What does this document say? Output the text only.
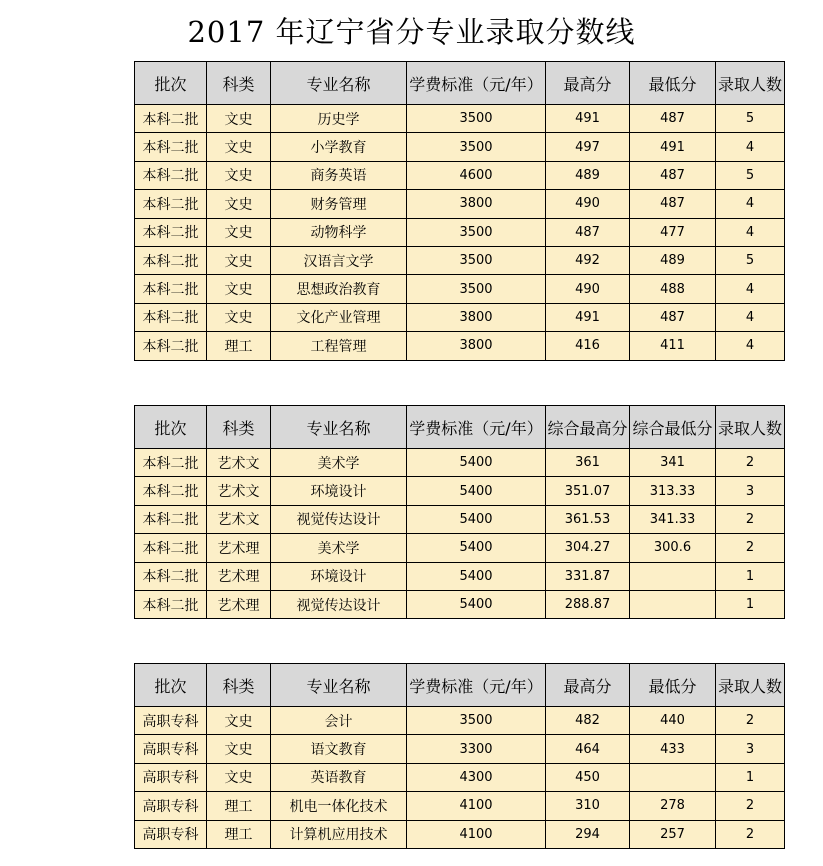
2017 年辽宁省分专业录取分数线
批次	科类	专业名称	学费标准（元/年）	最高分	最低分	录取人数
本科二批	文史	历史学	3500	491	487	5
本科二批	文史	小学教育	3500	497	491	4
本科二批	文史	商务英语	4600	489	487	5
本科二批	文史	财务管理	3800	490	487	4
本科二批	文史	动物科学	3500	487	477	4
本科二批	文史	汉语言文学	3500	492	489	5
本科二批	文史	思想政治教育	3500	490	488	4
本科二批	文史	文化产业管理	3800	491	487	4
本科二批	理工	工程管理	3800	416	411	4
批次	科类	专业名称	学费标准（元/年）	综合最高分	综合最低分	录取人数
本科二批	艺术文	美术学	5400	361	341	2
本科二批	艺术文	环境设计	5400	351.07	313.33	3
本科二批	艺术文	视觉传达设计	5400	361.53	341.33	2
本科二批	艺术理	美术学	5400	304.27	300.6	2
本科二批	艺术理	环境设计	5400	331.87		1
本科二批	艺术理	视觉传达设计	5400	288.87		1
批次	科类	专业名称	学费标准（元/年）	最高分	最低分	录取人数
高职专科	文史	会计	3500	482	440	2
高职专科	文史	语文教育	3300	464	433	3
高职专科	文史	英语教育	4300	450		1
高职专科	理工	机电一体化技术	4100	310	278	2
高职专科	理工	计算机应用技术	4100	294	257	2
